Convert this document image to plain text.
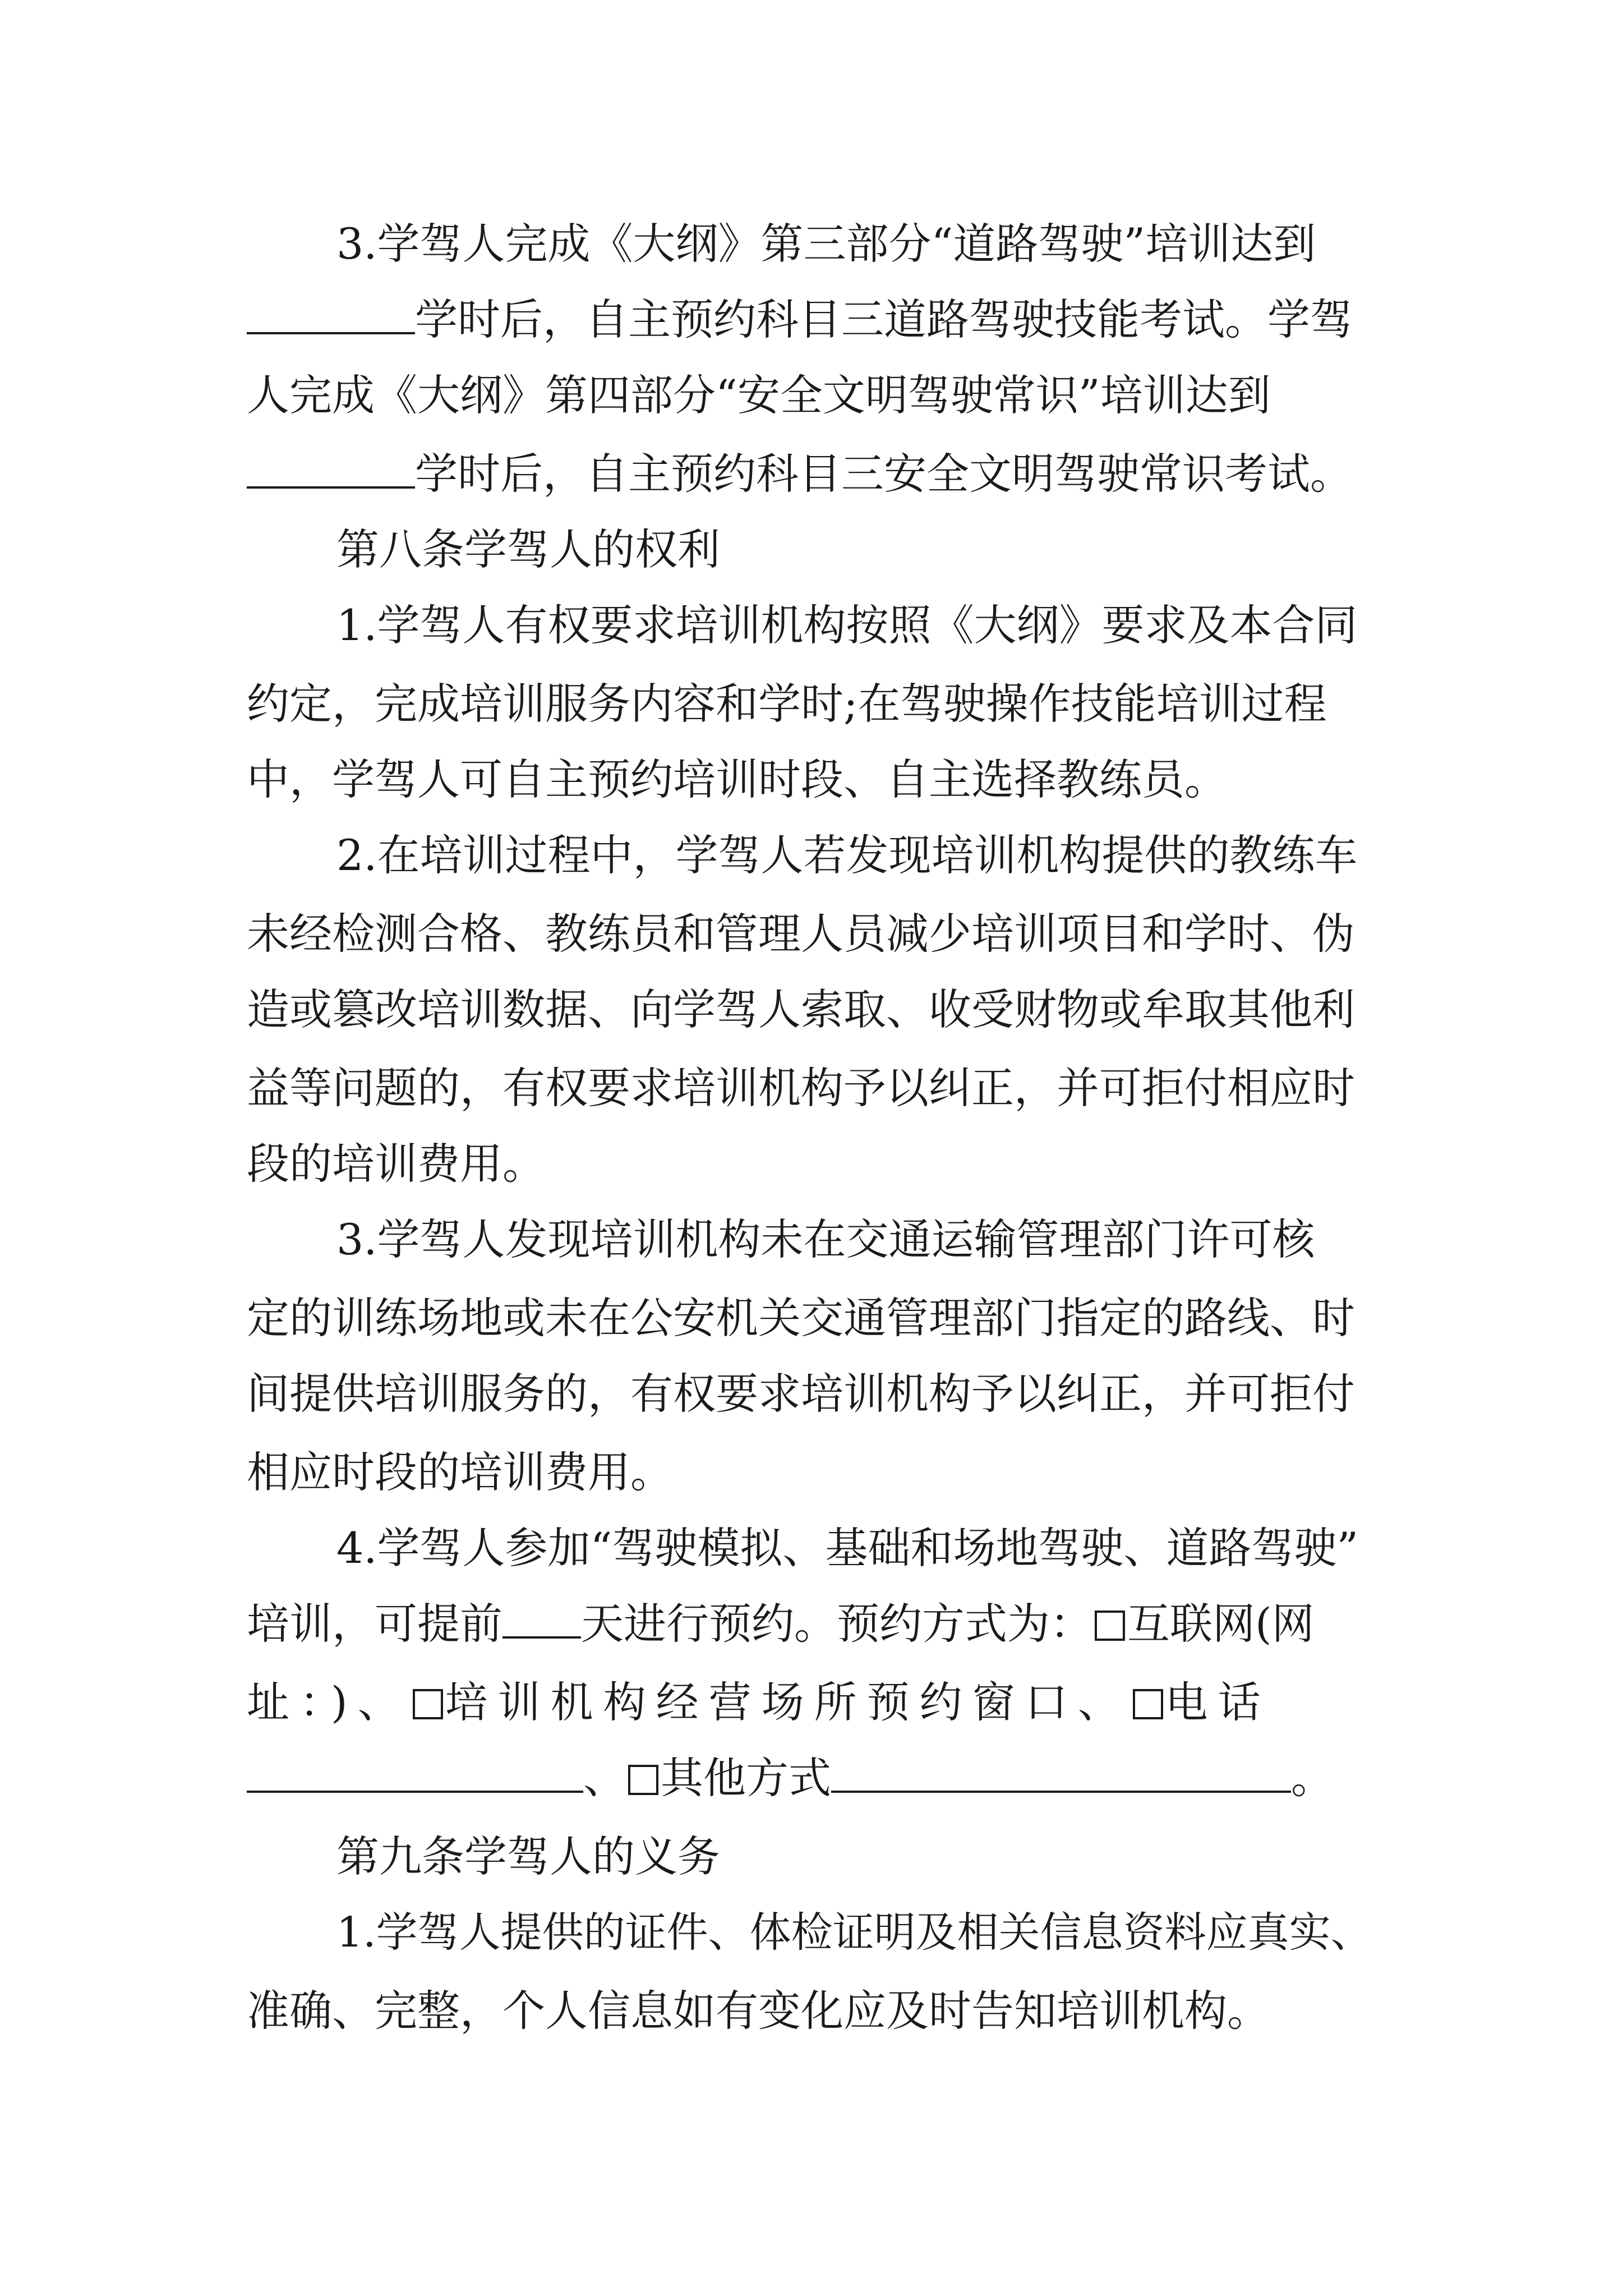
3.学驾人完成《大纲》第三部分“道路驾驶”培训达到
学时后，自主预约科目三道路驾驶技能考试。学驾
人完成《大纲》第四部分“安全文明驾驶常识”培训达到
学时后，自主预约科目三安全文明驾驶常识考试。
第八条学驾人的权利
1.学驾人有权要求培训机构按照《大纲》要求及本合同
约定，完成培训服务内容和学时;在驾驶操作技能培训过程
中，学驾人可自主预约培训时段、自主选择教练员。
2.在培训过程中，学驾人若发现培训机构提供的教练车
未经检测合格、教练员和管理人员减少培训项目和学时、伪
造或篡改培训数据、向学驾人索取、收受财物或牟取其他利
益等问题的，有权要求培训机构予以纠正，并可拒付相应时
段的培训费用。
3.学驾人发现培训机构未在交通运输管理部门许可核
定的训练场地或未在公安机关交通管理部门指定的路线、时
间提供培训服务的，有权要求培训机构予以纠正，并可拒付
相应时段的培训费用。
4.学驾人参加“驾驶模拟、基础和场地驾驶、道路驾驶”
培训，可提前 天进行预约。预约方式为： 互联网(网
址：)、 培训机构经营场所预约窗口、 电话
、 其他方式	。
第九条学驾人的义务
1.学驾人提供的证件、体检证明及相关信息资料应真实、
准确、完整，个人信息如有变化应及时告知培训机构。
